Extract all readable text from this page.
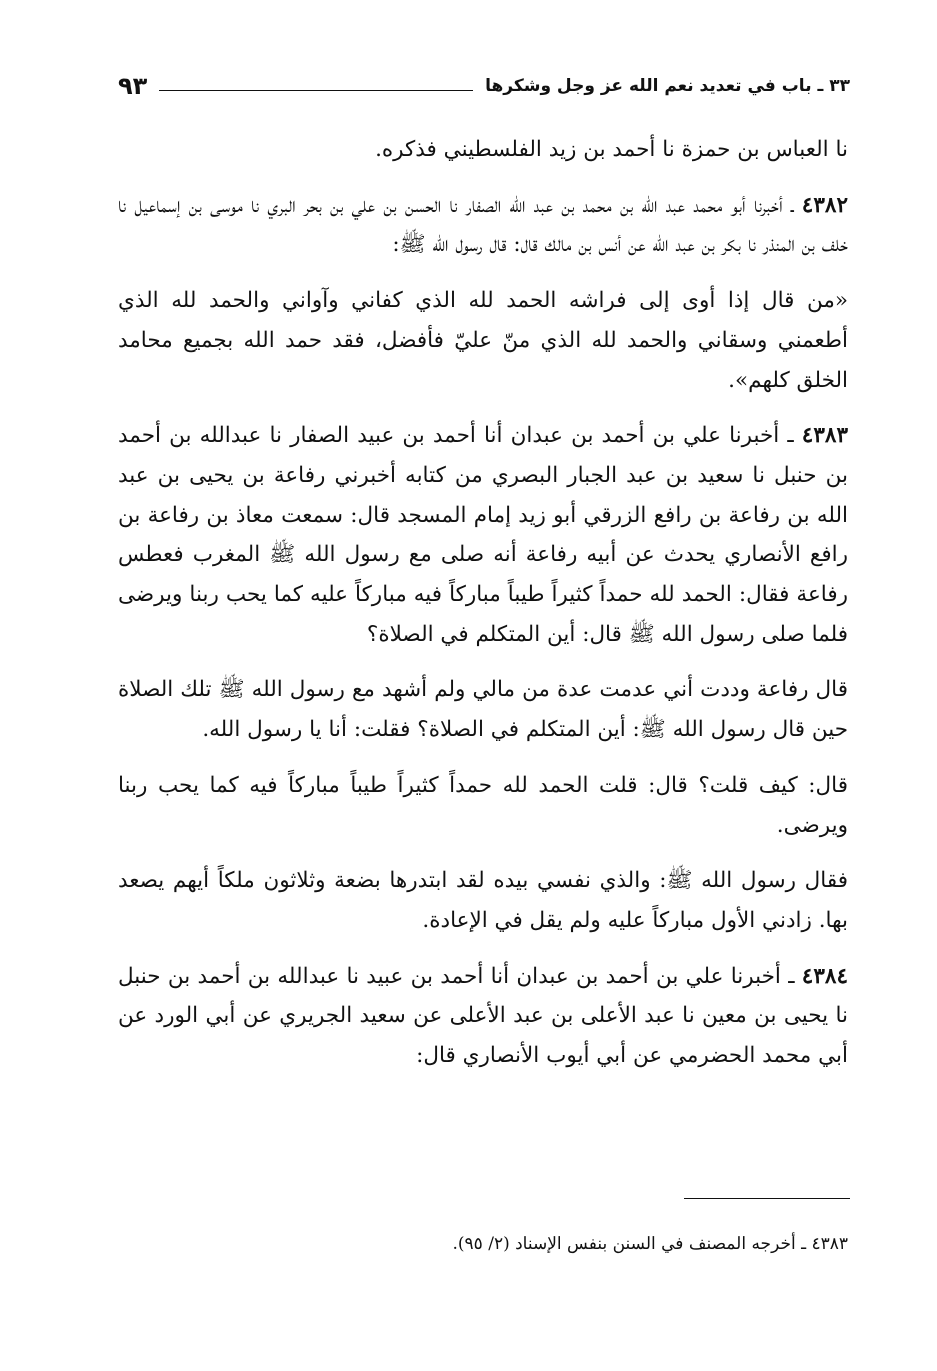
٣٣ ـ باب في تعديد نعم الله عز وجل وشكرها
٩٣

نا العباس بن حمزة نا أحمد بن زيد الفلسطيني فذكره.

٤٣٨٢ ـ أخبرنا أبو محمد عبد الله بن محمد بن عبد الله الصفار نا الحسن بن علي بن بحر البري نا موسى بن إسماعيل نا خلف بن المنذر نا بكر بن عبد الله عن أنس بن مالك قال: قال رسول الله ﷺ:

«من قال إذا أوى إلى فراشه الحمد لله الذي كفاني وآواني والحمد لله الذي أطعمني وسقاني والحمد لله الذي منّ عليّ فأفضل، فقد حمد الله بجميع محامد الخلق كلهم».

٤٣٨٣ ـ أخبرنا علي بن أحمد بن عبدان أنا أحمد بن عبيد الصفار نا عبدالله بن أحمد بن حنبل نا سعيد بن عبد الجبار البصري من كتابه أخبرني رفاعة بن يحيى بن عبد الله بن رفاعة بن رافع الزرقي أبو زيد إمام المسجد قال: سمعت معاذ بن رفاعة بن رافع الأنصاري يحدث عن أبيه رفاعة أنه صلى مع رسول الله ﷺ المغرب فعطس رفاعة فقال: الحمد لله حمداً كثيراً طيباً مباركاً فيه مباركاً عليه كما يحب ربنا ويرضى فلما صلى رسول الله ﷺ قال: أين المتكلم في الصلاة؟

قال رفاعة وددت أني عدمت عدة من مالي ولم أشهد مع رسول الله ﷺ تلك الصلاة حين قال رسول الله ﷺ: أين المتكلم في الصلاة؟ فقلت: أنا يا رسول الله.

قال: كيف قلت؟ قال: قلت الحمد لله حمداً كثيراً طيباً مباركاً فيه كما يحب ربنا ويرضى.

فقال رسول الله ﷺ: والذي نفسي بيده لقد ابتدرها بضعة وثلاثون ملكاً أيهم يصعد بها. زادني الأول مباركاً عليه ولم يقل في الإعادة.

٤٣٨٤ ـ أخبرنا علي بن أحمد بن عبدان أنا أحمد بن عبيد نا عبدالله بن أحمد بن حنبل نا يحيى بن معين نا عبد الأعلى بن عبد الأعلى عن سعيد الجريري عن أبي الورد عن أبي محمد الحضرمي عن أبي أيوب الأنصاري قال:

٤٣٨٣ ـ أخرجه المصنف في السنن بنفس الإسناد (٢/ ٩٥).
